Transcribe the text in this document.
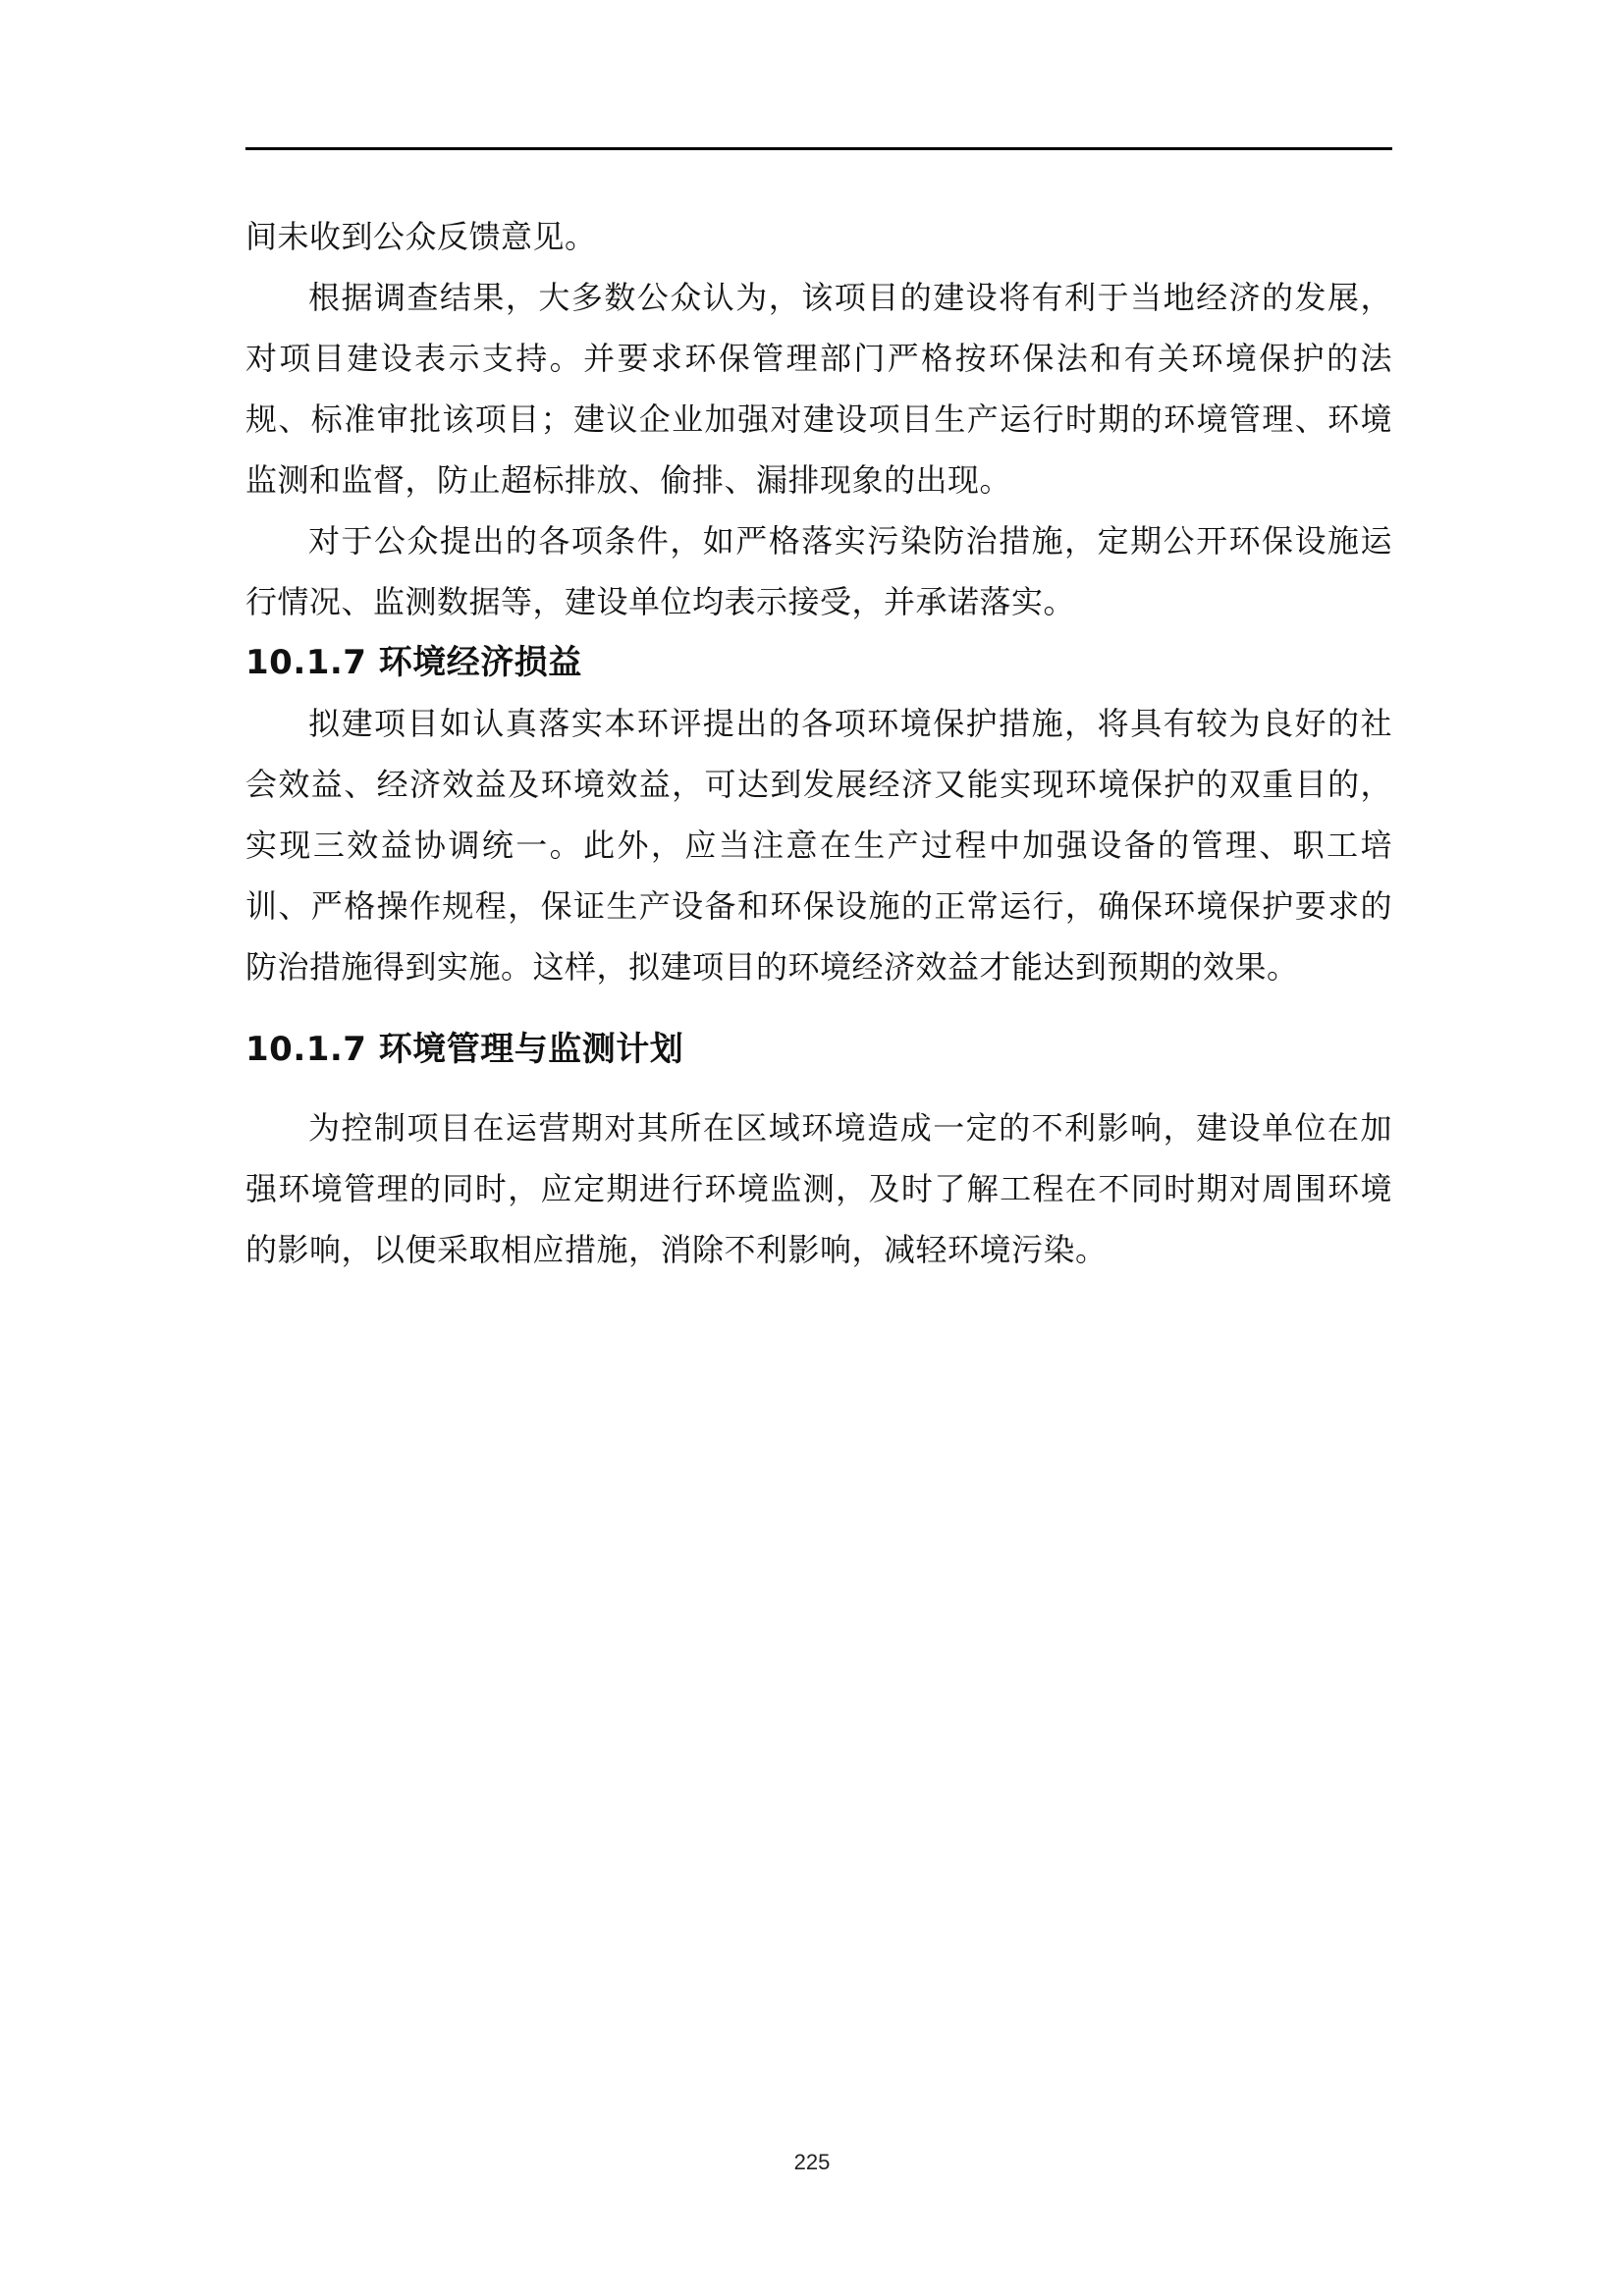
间未收到公众反馈意见。

根据调查结果，大多数公众认为，该项目的建设将有利于当地经济的发展，对项目建设表示支持。并要求环保管理部门严格按环保法和有关环境保护的法规、标准审批该项目；建议企业加强对建设项目生产运行时期的环境管理、环境监测和监督，防止超标排放、偷排、漏排现象的出现。

对于公众提出的各项条件，如严格落实污染防治措施，定期公开环保设施运行情况、监测数据等，建设单位均表示接受，并承诺落实。

10.1.7 环境经济损益

拟建项目如认真落实本环评提出的各项环境保护措施，将具有较为良好的社会效益、经济效益及环境效益，可达到发展经济又能实现环境保护的双重目的，实现三效益协调统一。此外，应当注意在生产过程中加强设备的管理、职工培训、严格操作规程，保证生产设备和环保设施的正常运行，确保环境保护要求的防治措施得到实施。这样，拟建项目的环境经济效益才能达到预期的效果。

10.1.7 环境管理与监测计划

为控制项目在运营期对其所在区域环境造成一定的不利影响，建设单位在加强环境管理的同时，应定期进行环境监测，及时了解工程在不同时期对周围环境的影响，以便采取相应措施，消除不利影响，减轻环境污染。

225
